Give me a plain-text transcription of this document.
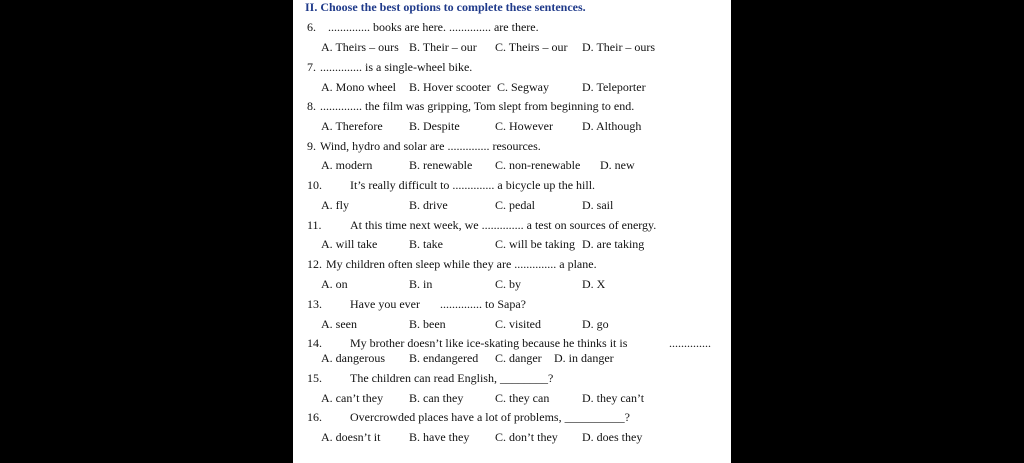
II. Choose the best options to complete these sentences.
6. .............. books are here. .............. are there.
A. Theirs – ours B. Their – our C. Theirs – our D. Their – ours
7. .............. is a single-wheel bike.
A. Mono wheel B. Hover scooter C. Segway	D. Teleporter
8. .............. the film was gripping, Tom slept from beginning to end.
A. Therefore B. Despite	C. However D. Although
9. Wind, hydro and solar are .............. resources.
A. modern	B. renewable C. non-renewable D. new
10. It’s really difficult to .............. a bicycle up the hill.
A. fly	B. drive	C. pedal	D. sail
11. At this time next week, we .............. a test on sources of energy.
A. will take	B. take	C. will be taking D. are taking
12. My children often sleep while they are .............. a plane.
A. on	B. in	C. by	D. X
13. Have you ever .............. to Sapa?
A. seen	B. been	C. visited	D. go
14. My brother doesn’t like ice-skating because he thinks it is	..............
A. dangerous B. endangered C. danger D. in danger
15. The children can read English, ________?
A. can’t they B. can they	C. they can	D. they can’t
16. Overcrowded places have a lot of problems, __________?
A. doesn’t it B. have they C. don’t they D. does they
